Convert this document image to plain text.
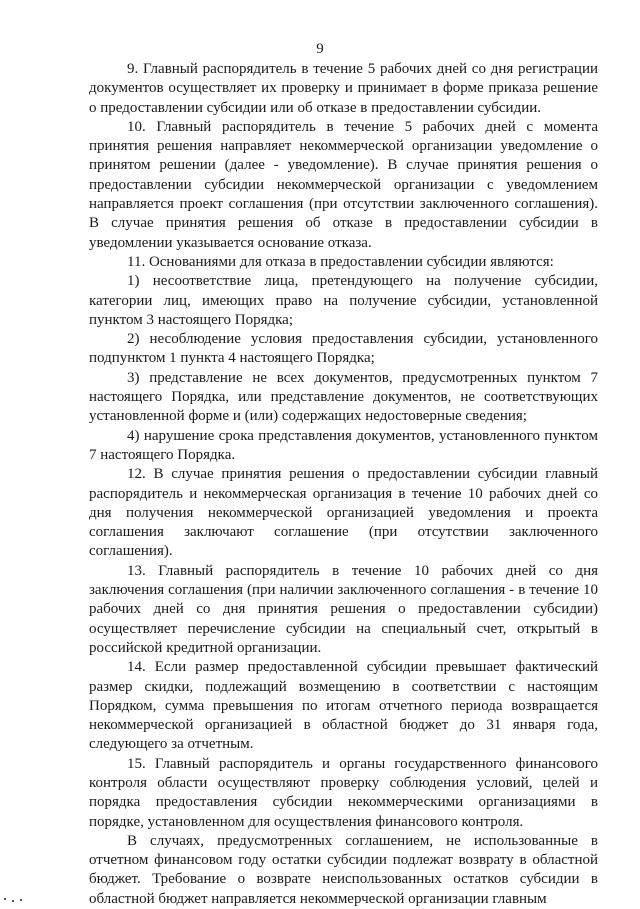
9

9. Главный распорядитель в течение 5 рабочих дней со дня регистрации документов осуществляет их проверку и принимает в форме приказа решение о предоставлении субсидии или об отказе в предоставлении субсидии.

10. Главный распорядитель в течение 5 рабочих дней с момента принятия решения направляет некоммерческой организации уведомление о принятом решении (далее - уведомление). В случае принятия решения о предоставлении субсидии некоммерческой организации с уведомлением направляется проект соглашения (при отсутствии заключенного соглашения). В случае принятия решения об отказе в предоставлении субсидии в уведомлении указывается основание отказа.

11. Основаниями для отказа в предоставлении субсидии являются:

1) несоответствие лица, претендующего на получение субсидии, категории лиц, имеющих право на получение субсидии, установленной пунктом 3 настоящего Порядка;

2) несоблюдение условия предоставления субсидии, установленного подпунктом 1 пункта 4 настоящего Порядка;

3) представление не всех документов, предусмотренных пунктом 7 настоящего Порядка, или представление документов, не соответствующих установленной форме и (или) содержащих недостоверные сведения;

4) нарушение срока представления документов, установленного пунктом 7 настоящего Порядка.

12. В случае принятия решения о предоставлении субсидии главный распорядитель и некоммерческая организация в течение 10 рабочих дней со дня получения некоммерческой организацией уведомления и проекта соглашения заключают соглашение (при отсутствии заключенного соглашения).

13. Главный распорядитель в течение 10 рабочих дней со дня заключения соглашения (при наличии заключенного соглашения - в течение 10 рабочих дней со дня принятия решения о предоставлении субсидии) осуществляет перечисление субсидии на специальный счет, открытый в российской кредитной организации.

14. Если размер предоставленной субсидии превышает фактический размер скидки, подлежащий возмещению в соответствии с настоящим Порядком, сумма превышения по итогам отчетного периода возвращается некоммерческой организацией в областной бюджет до 31 января года, следующего за отчетным.

15. Главный распорядитель и органы государственного финансового контроля области осуществляют проверку соблюдения условий, целей и порядка предоставления субсидии некоммерческими организациями в порядке, установленном для осуществления финансового контроля.

В случаях, предусмотренных соглашением, не использованные в отчетном финансовом году остатки субсидии подлежат возврату в областной бюджет. Требование о возврате неиспользованных остатков субсидии в областной бюджет направляется некоммерческой организации главным
